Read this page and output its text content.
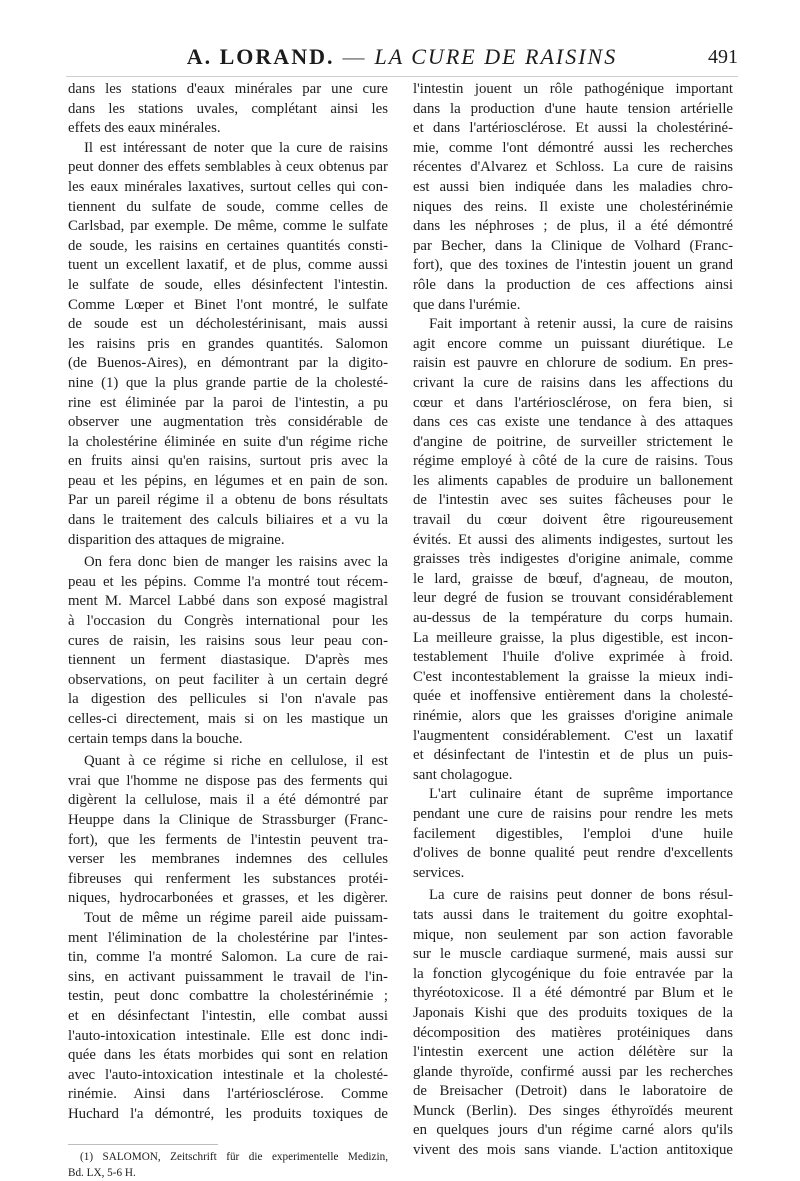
A. LORAND. — LA CURE DE RAISINS	491
dans les stations d'eaux minérales par une cure
dans les stations uvales, complétant ainsi les
effets des eaux minérales.
Il est intéressant de noter que la cure de raisins
peut donner des effets semblables à ceux obtenus par
les eaux minérales laxatives, surtout celles qui con-
tiennent du sulfate de soude, comme celles de
Carlsbad, par exemple. De même, comme le sulfate
de soude, les raisins en certaines quantités consti-
tuent un excellent laxatif, et de plus, comme aussi
le sulfate de soude, elles désinfectent l'intestin.
Comme Lœper et Binet l'ont montré, le sulfate
de soude est un décholestérinisant, mais aussi
les raisins pris en grandes quantités. Salomon
(de Buenos-Aires), en démontrant par la digito-
nine (1) que la plus grande partie de la cholesté-
rine est éliminée par la paroi de l'intestin, a pu
observer une augmentation très considérable de
la cholestérine éliminée en suite d'un régime riche
en fruits ainsi qu'en raisins, surtout pris avec la
peau et les pépins, en légumes et en pain de son.
Par un pareil régime il a obtenu de bons résultats
dans le traitement des calculs biliaires et a vu la
disparition des attaques de migraine.
On fera donc bien de manger les raisins avec la
peau et les pépins. Comme l'a montré tout récem-
ment M. Marcel Labbé dans son exposé magistral
à l'occasion du Congrès international pour les
cures de raisin, les raisins sous leur peau con-
tiennent un ferment diastasique. D'après mes
observations, on peut faciliter à un certain degré
la digestion des pellicules si l'on n'avale pas
celles-ci directement, mais si on les mastique un
certain temps dans la bouche.
Quant à ce régime si riche en cellulose, il est
vrai que l'homme ne dispose pas des ferments qui
digèrent la cellulose, mais il a été démontré par
Heuppe dans la Clinique de Strassburger (Franc-
fort), que les ferments de l'intestin peuvent tra-
verser les membranes indemnes des cellules
fibreuses qui renferment les substances protéi-
niques, hydrocarbonées et grasses, et les digèrer.
Tout de même un régime pareil aide puissam-
ment l'élimination de la cholestérine par l'intes-
tin, comme l'a montré Salomon. La cure de rai-
sins, en activant puissamment le travail de l'in-
testin, peut donc combattre la cholestérinémie ;
et en désinfectant l'intestin, elle combat aussi
l'auto-intoxication intestinale. Elle est donc indi-
quée dans les états morbides qui sont en relation
avec l'auto-intoxication intestinale et la cholesté-
rinémie. Ainsi dans l'artériosclérose. Comme
Huchard l'a démontré, les produits toxiques de
(1) SALOMON, Zeitschrift für die experimentelle Medizin,
Bd. LX, 5-6 H.
l'intestin jouent un rôle pathogénique important
dans la production d'une haute tension artérielle
et dans l'artériosclérose. Et aussi la cholestériné-
mie, comme l'ont démontré aussi les recherches
récentes d'Alvarez et Schloss. La cure de raisins
est aussi bien indiquée dans les maladies chro-
niques des reins. Il existe une cholestérinémie
dans les néphroses ; de plus, il a été démontré
par Becher, dans la Clinique de Volhard (Franc-
fort), que des toxines de l'intestin jouent un grand
rôle dans la production de ces affections ainsi
que dans l'urémie.
Fait important à retenir aussi, la cure de raisins
agit encore comme un puissant diurétique. Le
raisin est pauvre en chlorure de sodium. En pres-
crivant la cure de raisins dans les affections du
cœur et dans l'artériosclérose, on fera bien, si
dans ces cas existe une tendance à des attaques
d'angine de poitrine, de surveiller strictement le
régime employé à côté de la cure de raisins. Tous
les aliments capables de produire un ballonement
de l'intestin avec ses suites fâcheuses pour le
travail du cœur doivent être rigoureusement
évités. Et aussi des aliments indigestes, surtout les
graisses très indigestes d'origine animale, comme
le lard, graisse de bœuf, d'agneau, de mouton,
leur degré de fusion se trouvant considérablement
au-dessus de la température du corps humain.
La meilleure graisse, la plus digestible, est incon-
testablement l'huile d'olive exprimée à froid.
C'est incontestablement la graisse la mieux indi-
quée et inoffensive entièrement dans la cholesté-
rinémie, alors que les graisses d'origine animale
l'augmentent considérablement. C'est un laxatif
et désinfectant de l'intestin et de plus un puis-
sant cholagogue.
L'art culinaire étant de suprême importance
pendant une cure de raisins pour rendre les mets
facilement digestibles, l'emploi d'une huile
d'olives de bonne qualité peut rendre d'excellents
services.
La cure de raisins peut donner de bons résul-
tats aussi dans le traitement du goitre exophtal-
mique, non seulement par son action favorable
sur le muscle cardiaque surmené, mais aussi sur
la fonction glycogénique du foie entravée par la
thyréotoxicose. Il a été démontré par Blum et le
Japonais Kishi que des produits toxiques de la
décomposition des matières protéiniques dans
l'intestin exercent une action délétère sur la
glande thyroïde, confirmé aussi par les recherches
de Breisacher (Detroit) dans le laboratoire de
Munck (Berlin). Des singes éthyroïdés meurent
en quelques jours d'un régime carné alors qu'ils
vivent des mois sans viande. L'action antitoxique
